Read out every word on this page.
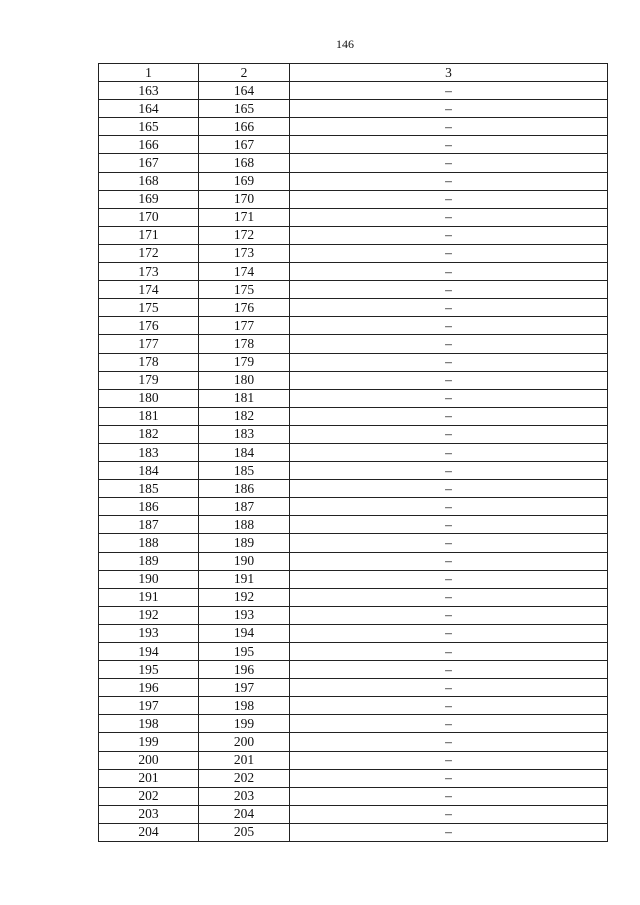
146
1	2	3
163	164	–
164	165	–
165	166	–
166	167	–
167	168	–
168	169	–
169	170	–
170	171	–
171	172	–
172	173	–
173	174	–
174	175	–
175	176	–
176	177	–
177	178	–
178	179	–
179	180	–
180	181	–
181	182	–
182	183	–
183	184	–
184	185	–
185	186	–
186	187	–
187	188	–
188	189	–
189	190	–
190	191	–
191	192	–
192	193	–
193	194	–
194	195	–
195	196	–
196	197	–
197	198	–
198	199	–
199	200	–
200	201	–
201	202	–
202	203	–
203	204	–
204	205	–
